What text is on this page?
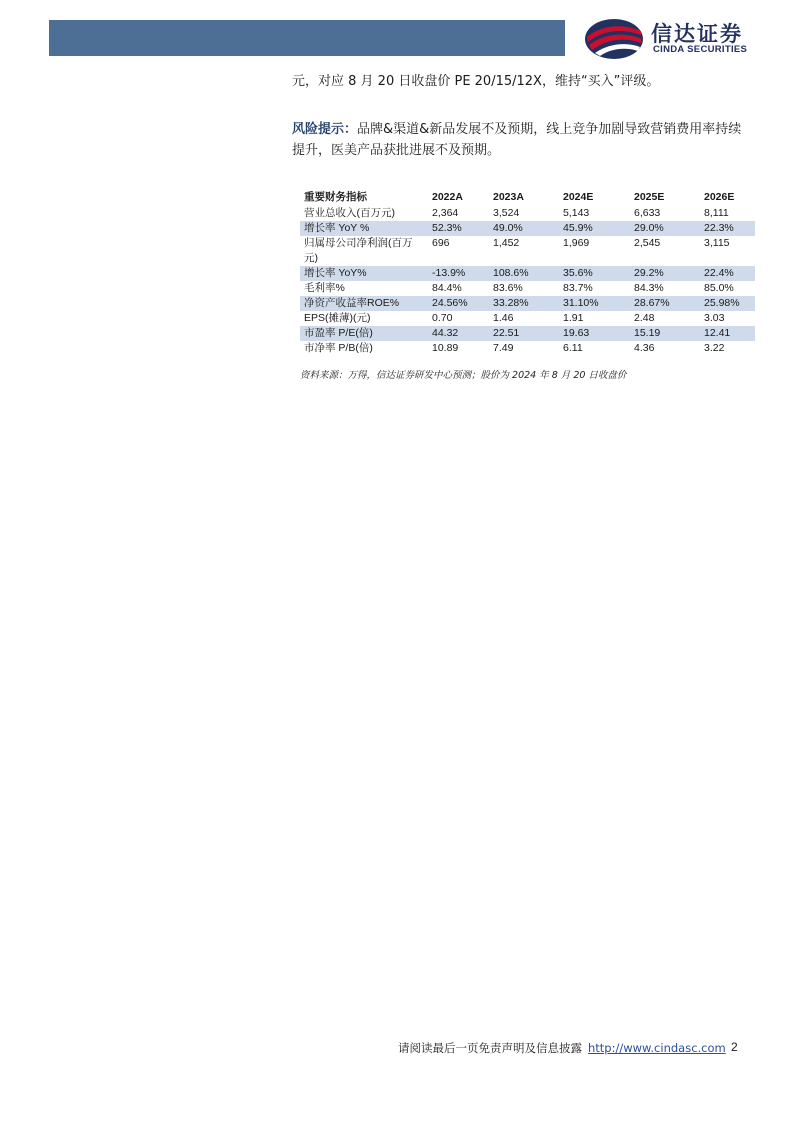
信达证券
CINDA SECURITIES
元，对应 8 月 20 日收盘价 PE 20/15/12X，维持“买入”评级。
风险提示：品牌&渠道&新品发展不及预期，线上竞争加剧导致营销费用率持续提升，医美产品获批进展不及预期。
重要财务指标	2022A	2023A	2024E	2025E	2026E
营业总收入(百万元)	2,364	3,524	5,143	6,633	8,111
增长率 YoY %	52.3%	49.0%	45.9%	29.0%	22.3%
归属母公司净利润(百万元)	696	1,452	1,969	2,545	3,115
增长率 YoY%	-13.9%	108.6%	35.6%	29.2%	22.4%
毛利率%	84.4%	83.6%	83.7%	84.3%	85.0%
净资产收益率ROE%	24.56%	33.28%	31.10%	28.67%	25.98%
EPS(摊薄)(元)	0.70	1.46	1.91	2.48	3.03
市盈率 P/E(倍)	44.32	22.51	19.63	15.19	12.41
市净率 P/B(倍)	10.89	7.49	6.11	4.36	3.22
资料来源：万得，信达证券研发中心预测；股价为 2024 年 8 月 20 日收盘价
请阅读最后一页免责声明及信息披露 http://www.cindasc.com 2
